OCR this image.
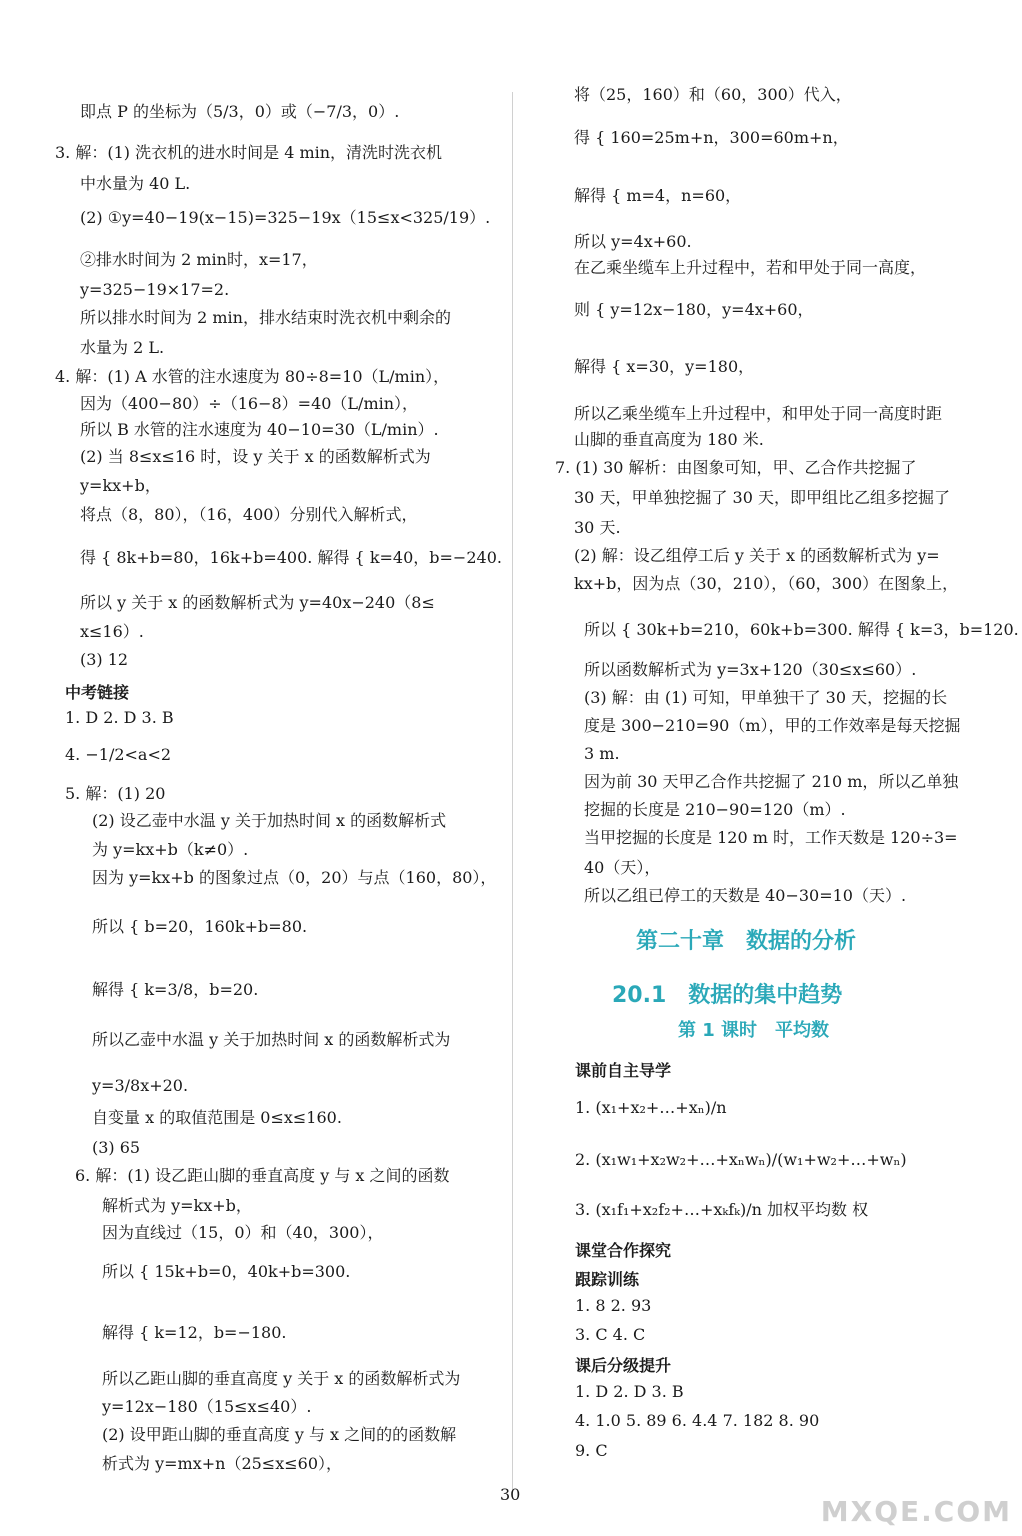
即点 P 的坐标为（5/3，0）或（−7/3，0）.
3. 解：(1) 洗衣机的进水时间是 4 min，清洗时洗衣机
中水量为 40 L.
(2) ①y=40−19(x−15)=325−19x（15≤x<325/19）.
②排水时间为 2 min时，x=17，
y=325−19×17=2.
所以排水时间为 2 min，排水结束时洗衣机中剩余的
水量为 2 L.
4. 解：(1) A 水管的注水速度为 80÷8=10（L/min），
因为（400−80）÷（16−8）=40（L/min），
所以 B 水管的注水速度为 40−10=30（L/min）.
(2) 当 8≤x≤16 时，设 y 关于 x 的函数解析式为
y=kx+b，
将点（8，80），（16，400）分别代入解析式，
得 { 8k+b=80，16k+b=400. 解得 { k=40，b=−240.
所以 y 关于 x 的函数解析式为 y=40x−240（8≤
x≤16）.
(3) 12
1. D 2. D 3. B
4. −1/2<a<2
5. 解：(1) 20
(2) 设乙壶中水温 y 关于加热时间 x 的函数解析式
为 y=kx+b（k≠0）.
因为 y=kx+b 的图象过点（0，20）与点（160，80），
所以 { b=20，160k+b=80.
解得 { k=3/8，b=20.
所以乙壶中水温 y 关于加热时间 x 的函数解析式为
y=3/8x+20.
自变量 x 的取值范围是 0≤x≤160.
(3) 65
6. 解：(1) 设乙距山脚的垂直高度 y 与 x 之间的函数
解析式为 y=kx+b，
因为直线过（15，0）和（40，300），
所以 { 15k+b=0，40k+b=300.
解得 { k=12，b=−180.
所以乙距山脚的垂直高度 y 关于 x 的函数解析式为
y=12x−180（15≤x≤40）.
(2) 设甲距山脚的垂直高度 y 与 x 之间的的函数解
析式为 y=mx+n（25≤x≤60），
中考链接
将（25，160）和（60，300）代入，
得 { 160=25m+n，300=60m+n，
解得 { m=4，n=60，
所以 y=4x+60.
在乙乘坐缆车上升过程中，若和甲处于同一高度，
则 { y=12x−180，y=4x+60，
解得 { x=30，y=180，
所以乙乘坐缆车上升过程中，和甲处于同一高度时距
山脚的垂直高度为 180 米.
7. (1) 30 解析：由图象可知，甲、乙合作共挖掘了
30 天，甲单独挖掘了 30 天，即甲组比乙组多挖掘了
30 天.
(2) 解：设乙组停工后 y 关于 x 的函数解析式为 y=
kx+b，因为点（30，210），（60，300）在图象上，
所以 { 30k+b=210，60k+b=300. 解得 { k=3，b=120.
所以函数解析式为 y=3x+120（30≤x≤60）.
(3) 解：由 (1) 可知，甲单独干了 30 天，挖掘的长
度是 300−210=90（m），甲的工作效率是每天挖掘
3 m.
因为前 30 天甲乙合作共挖掘了 210 m，所以乙单独
挖掘的长度是 210−90=120（m）.
当甲挖掘的长度是 120 m 时，工作天数是 120÷3=
40（天），
所以乙组已停工的天数是 40−30=10（天）.
1. (x₁+x₂+…+xₙ)/n
2. (x₁w₁+x₂w₂+…+xₙwₙ)/(w₁+w₂+…+wₙ)
3. (x₁f₁+x₂f₂+…+xₖfₖ)/n 加权平均数 权
1. 8 2. 93
3. C 4. C
1. D 2. D 3. B
4. 1.0 5. 89 6. 4.4 7. 182 8. 90
9. C
课前自主导学
课堂合作探究
跟踪训练
课后分级提升
第二十章　数据的分析
20.1　数据的集中趋势
第 1 课时　平均数
30
MXQE.COM
